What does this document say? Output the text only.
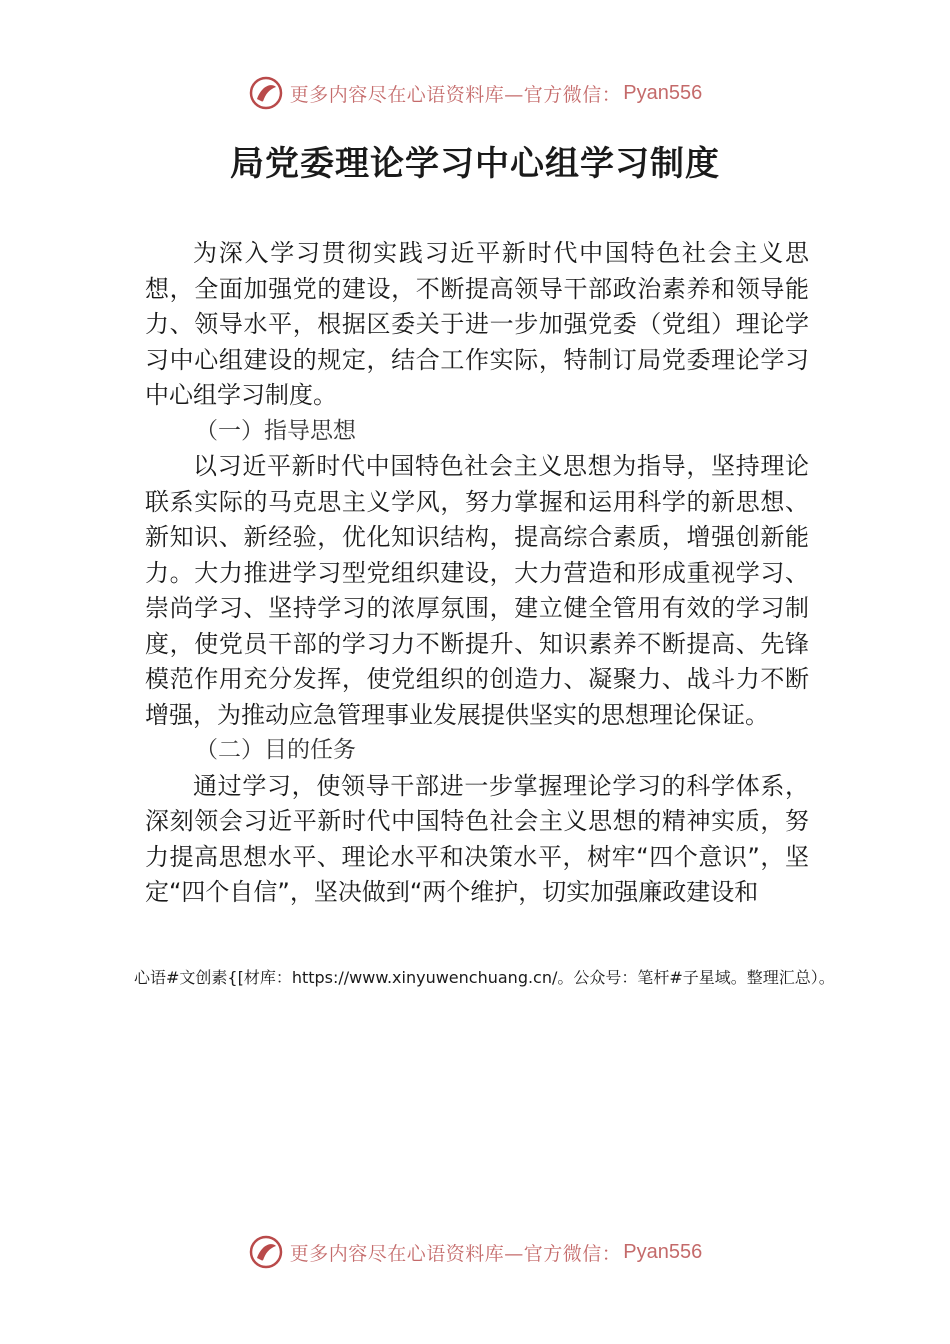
更多内容尽在心语资料库—官方微信： Pyan556
局党委理论学习中心组学习制度

为深入学习贯彻实践习近平新时代中国特色社会主义思想，全面加强党的建设，不断提高领导干部政治素养和领导能力、领导水平，根据区委关于进一步加强党委（党组）理论学习中心组建设的规定，结合工作实际，特制订局党委理论学习中心组学习制度。

（一）指导思想

以习近平新时代中国特色社会主义思想为指导，坚持理论联系实际的马克思主义学风，努力掌握和运用科学的新思想、新知识、新经验，优化知识结构，提高综合素质，增强创新能力。大力推进学习型党组织建设，大力营造和形成重视学习、崇尚学习、坚持学习的浓厚氛围，建立健全管用有效的学习制度，使党员干部的学习力不断提升、知识素养不断提高、先锋模范作用充分发挥，使党组织的创造力、凝聚力、战斗力不断增强，为推动应急管理事业发展提供坚实的思想理论保证。

（二）目的任务

通过学习，使领导干部进一步掌握理论学习的科学体系，深刻领会习近平新时代中国特色社会主义思想的精神实质，努力提高思想水平、理论水平和决策水平，树牢“四个意识”，坚定“四个自信”，坚决做到“两个维护，切实加强廉政建设和

心语#文创素{[材库：https://www.xinyuwenchuang.cn/。公众号：笔杆#子星域。整理汇总）。
更多内容尽在心语资料库—官方微信： Pyan556
